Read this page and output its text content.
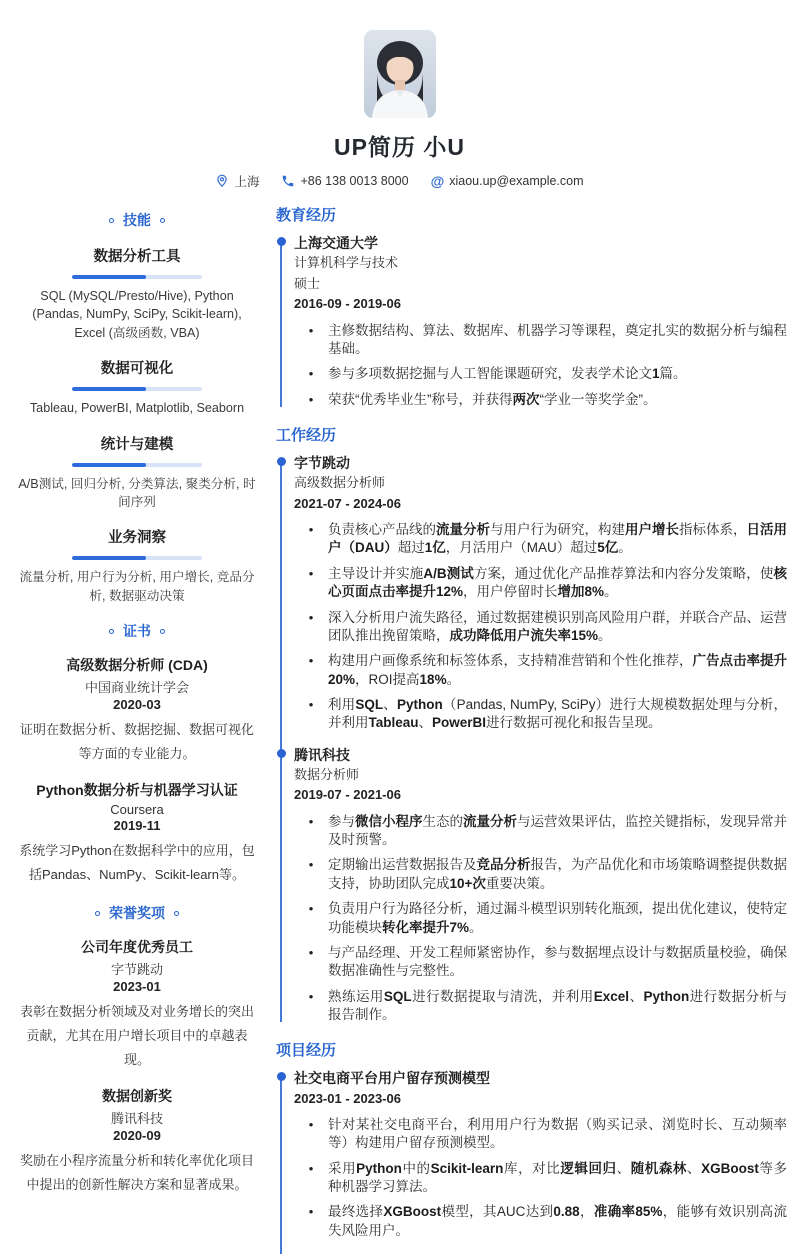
UP简历 小U
上海	+86 138 0013 8000 @ xiaou.up@example.com
技能
数据分析工具
SQL (MySQL/Presto/Hive), Python (Pandas, NumPy, SciPy, Scikit-learn), Excel (高级函数, VBA)
数据可视化
Tableau, PowerBI, Matplotlib, Seaborn
统计与建模
A/B测试, 回归分析, 分类算法, 聚类分析, 时间序列
业务洞察
流量分析, 用户行为分析, 用户增长, 竞品分析, 数据驱动决策
证书
高级数据分析师 (CDA)
中国商业统计学会
2020-03
证明在数据分析、数据挖掘、数据可视化等方面的专业能力。
Python数据分析与机器学习认证
Coursera
2019-11
系统学习Python在数据科学中的应用，包括Pandas、NumPy、Scikit-learn等。
荣誉奖项
公司年度优秀员工
字节跳动
2023-01
表彰在数据分析领域及对业务增长的突出贡献，尤其在用户增长项目中的卓越表现。
数据创新奖
腾讯科技
2020-09
奖励在小程序流量分析和转化率优化项目中提出的创新性解决方案和显著成果。
教育经历
上海交通大学
计算机科学与技术
硕士
2016-09 - 2019-06
•	主修数据结构、算法、数据库、机器学习等课程，奠定扎实的数据分析与编程基础。
•	参与多项数据挖掘与人工智能课题研究，发表学术论文1篇。
•	荣获“优秀毕业生”称号，并获得两次“学业一等奖学金”。
工作经历
字节跳动
高级数据分析师
2021-07 - 2024-06
•	负责核心产品线的流量分析与用户行为研究，构建用户增长指标体系，日活用户（DAU）超过1亿，月活用户（MAU）超过5亿。
•	主导设计并实施A/B测试方案，通过优化产品推荐算法和内容分发策略，使核心页面点击率提升12%，用户停留时长增加8%。
•	深入分析用户流失路径，通过数据建模识别高风险用户群，并联合产品、运营团队推出挽留策略，成功降低用户流失率15%。
•	构建用户画像系统和标签体系，支持精准营销和个性化推荐，广告点击率提升20%，ROI提高18%。
•	利用SQL、Python（Pandas, NumPy, SciPy）进行大规模数据处理与分析，并利用Tableau、PowerBI进行数据可视化和报告呈现。
腾讯科技
数据分析师
2019-07 - 2021-06
•	参与微信小程序生态的流量分析与运营效果评估，监控关键指标，发现异常并及时预警。
•	定期输出运营数据报告及竞品分析报告，为产品优化和市场策略调整提供数据支持，协助团队完成10+次重要决策。
•	负责用户行为路径分析，通过漏斗模型识别转化瓶颈，提出优化建议，使特定功能模块转化率提升7%。
•	与产品经理、开发工程师紧密协作，参与数据埋点设计与数据质量校验，确保数据准确性与完整性。
•	熟练运用SQL进行数据提取与清洗，并利用Excel、Python进行数据分析与报告制作。
项目经历
社交电商平台用户留存预测模型
2023-01 - 2023-06
•	针对某社交电商平台，利用用户行为数据（购买记录、浏览时长、互动频率等）构建用户留存预测模型。
•	采用Python中的Scikit-learn库，对比逻辑回归、随机森林、XGBoost等多种机器学习算法。
•	最终选择XGBoost模型，其AUC达到0.88，准确率85%，能够有效识别高流失风险用户。
